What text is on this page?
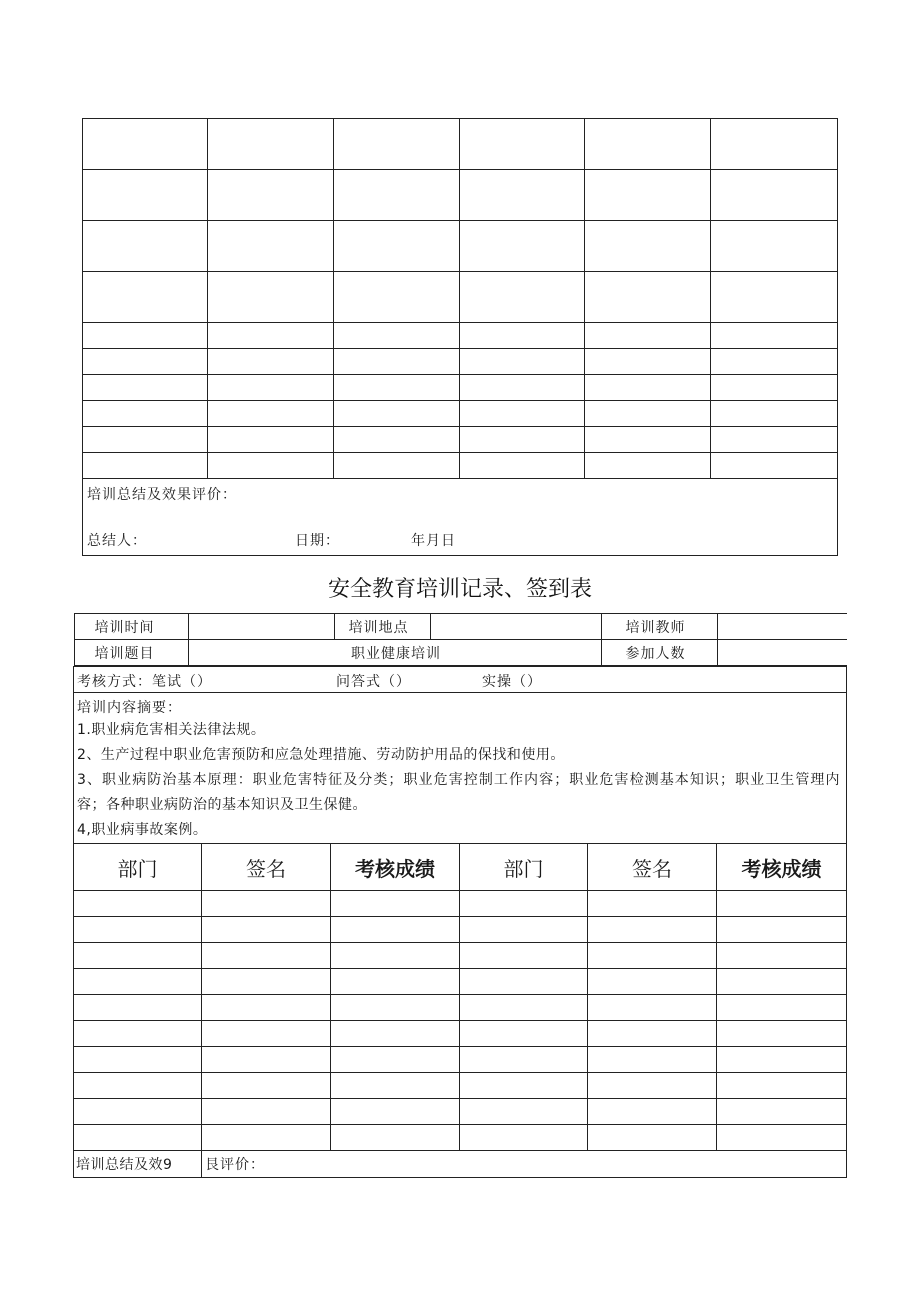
培训总结及效果评价：
总结人： 日期： 年月日					
安全教育培训记录、签到表
培训时间		培训地点		培训教师	
培训题目	职业健康培训	参加人数	

考核方式：笔试（）	问答式（）	实操（）

培训内容摘要：
1.职业病危害相关法律法规。
2、生产过程中职业危害预防和应急处理措施、劳动防护用品的保找和使用。
3、职业病防治基本原理：职业危害特征及分类；职业危害控制工作内容；职业危害检测基本知识；职业卫生管理内容；各种职业病防治的基本知识及卫生保健。
4,职业病事故案例。

部门	签名	考核成绩	部门	签名	考核成绩

培训总结及效9	艮评价：
